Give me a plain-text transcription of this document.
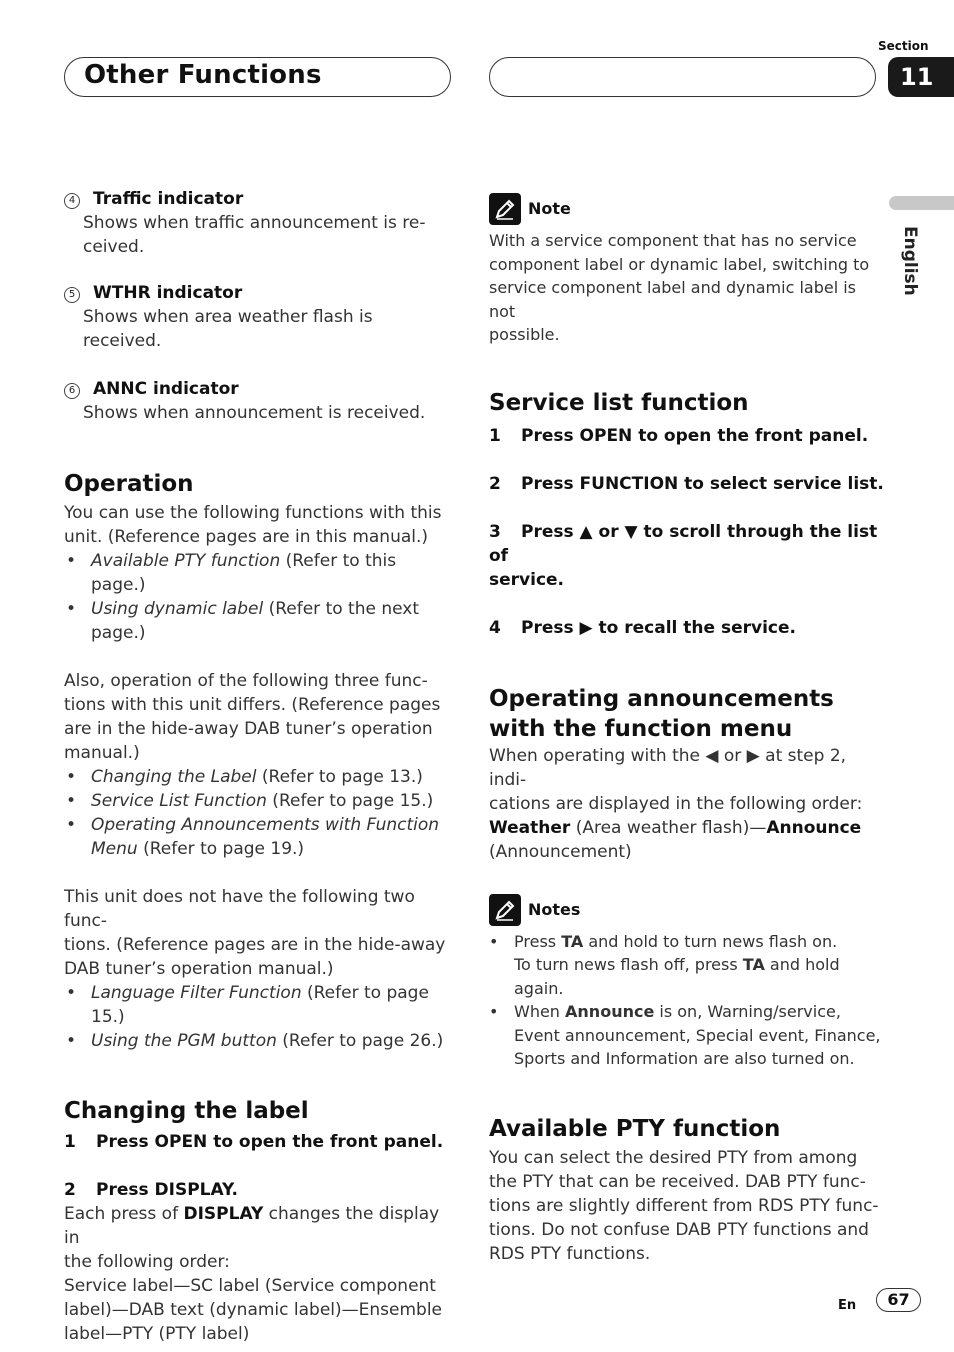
Other Functions
Section
11
English

4 Traffic indicator

Shows when traffic announcement is re-

ceived.

5 WTHR indicator

Shows when area weather flash is received.

6 ANNC indicator

Shows when announcement is received.

Operation

You can use the following functions with this

unit. (Reference pages are in this manual.)

• Available PTY function (Refer to this page.)
• Using dynamic label (Refer to the next
page.)

Also, operation of the following three func-

tions with this unit differs. (Reference pages

are in the hide-away DAB tuner’s operation

manual.)

• Changing the Label (Refer to page 13.)
• Service List Function (Refer to page 15.)
• Operating Announcements with Function
Menu (Refer to page 19.)

This unit does not have the following two func-

tions. (Reference pages are in the hide-away

DAB tuner’s operation manual.)

• Language Filter Function (Refer to page 15.)
• Using the PGM button (Refer to page 26.)

Changing the label

1 Press OPEN to open the front panel.

2 Press DISPLAY.

Each press of DISPLAY changes the display in

the following order:

Service label—SC label (Service component

label)—DAB text (dynamic label)—Ensemble

label—PTY (PTY label)

Note

With a service component that has no service

component label or dynamic label, switching to

service component label and dynamic label is not

possible.

Service list function

1 Press OPEN to open the front panel.

2 Press FUNCTION to select service list.

3 Press ▲ or ▼ to scroll through the list of

service.

4 Press ▶ to recall the service.

Operating announcements

with the function menu

When operating with the ◀ or ▶ at step 2, indi-

cations are displayed in the following order:

Weather (Area weather flash)—Announce

(Announcement)

Notes
• Press TA and hold to turn news flash on.
To turn news flash off, press TA and hold
again.
• When Announce is on, Warning/service,
Event announcement, Special event, Finance,
Sports and Information are also turned on.

Available PTY function

You can select the desired PTY from among

the PTY that can be received. DAB PTY func-

tions are slightly different from RDS PTY func-

tions. Do not confuse DAB PTY functions and

RDS PTY functions.

En	67
